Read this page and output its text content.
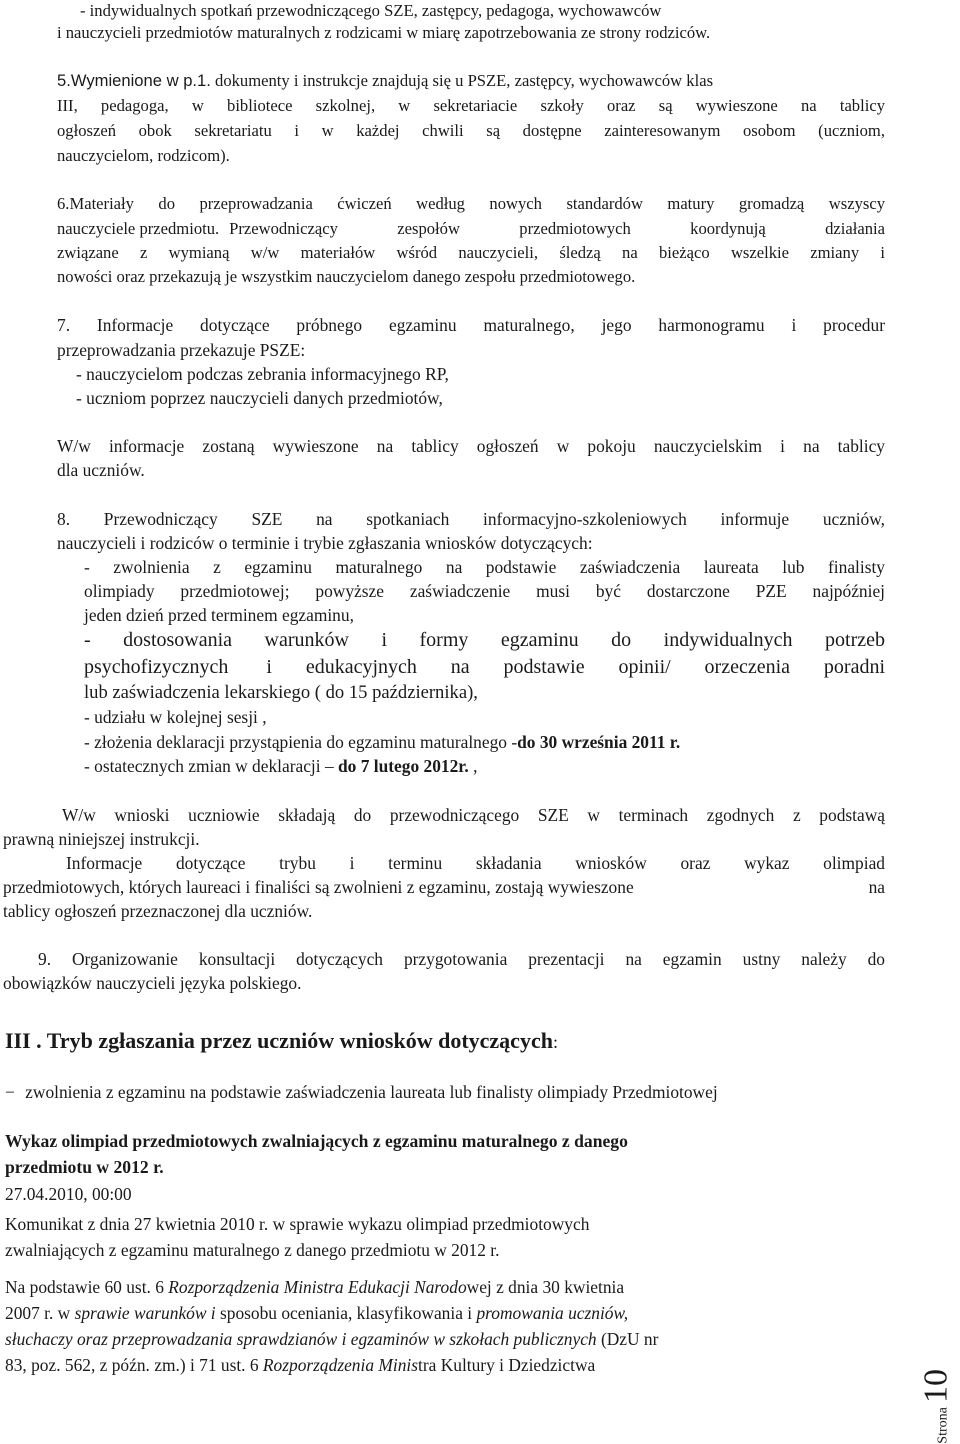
- indywidualnych spotkań przewodniczącego SZE, zastępcy, pedagoga, wychowawców
i nauczycieli przedmiotów maturalnych z rodzicami w miarę zapotrzebowania ze strony rodziców.
5.Wymienione w p.1. dokumenty i instrukcje znajdują się u PSZE, zastępcy, wychowawców klas
III, pedagoga, w bibliotece szkolnej, w sekretariacie szkoły oraz są wywieszone na tablicy
ogłoszeń obok sekretariatu i w każdej chwili są dostępne zainteresowanym osobom (uczniom,
nauczycielom, rodzicom).
6.Materiały do przeprowadzania ćwiczeń według nowych standardów matury gromadzą wszyscy
nauczyciele przedmiotu. Przewodniczący zespołów przedmiotowych koordynują działania
związane z wymianą w/w materiałów wśród nauczycieli, śledzą na bieżąco wszelkie zmiany i
nowości oraz przekazują je wszystkim nauczycielom danego zespołu przedmiotowego.
7. Informacje dotyczące próbnego egzaminu maturalnego, jego harmonogramu i procedur
przeprowadzania przekazuje PSZE:
- nauczycielom podczas zebrania informacyjnego RP,
- uczniom poprzez nauczycieli danych przedmiotów,
W/w informacje zostaną wywieszone na tablicy ogłoszeń w pokoju nauczycielskim i na tablicy
dla uczniów.
8. Przewodniczący SZE na spotkaniach informacyjno-szkoleniowych informuje uczniów,
nauczycieli i rodziców o terminie i trybie zgłaszania wniosków dotyczących:
- zwolnienia z egzaminu maturalnego na podstawie zaświadczenia laureata lub finalisty
olimpiady przedmiotowej; powyższe zaświadczenie musi być dostarczone PZE najpóźniej
jeden dzień przed terminem egzaminu,
- dostosowania warunków i formy egzaminu do indywidualnych potrzeb
psychofizycznych i edukacyjnych na podstawie opinii/ orzeczenia poradni
lub zaświadczenia lekarskiego ( do 15 października),
- udziału w kolejnej sesji ,
- złożenia deklaracji przystąpienia do egzaminu maturalnego -do 30 września 2011 r.
- ostatecznych zmian w deklaracji – do 7 lutego 2012r. ,
W/w wnioski uczniowie składają do przewodniczącego SZE w terminach zgodnych z podstawą
prawną niniejszej instrukcji.
Informacje dotyczące trybu i terminu składania wniosków oraz wykaz olimpiad
przedmiotowych, których laureaci i finaliści są zwolnieni z egzaminu, zostają wywieszone	na
tablicy ogłoszeń przeznaczonej dla uczniów.
9. Organizowanie konsultacji dotyczących przygotowania prezentacji na egzamin ustny należy do
obowiązków nauczycieli języka polskiego.
III . Tryb zgłaszania przez uczniów wniosków dotyczących:
− zwolnienia z egzaminu na podstawie zaświadczenia laureata lub finalisty olimpiady Przedmiotowej
Wykaz olimpiad przedmiotowych zwalniających z egzaminu maturalnego z danego
przedmiotu w 2012 r.
27.04.2010, 00:00
Komunikat z dnia 27 kwietnia 2010 r. w sprawie wykazu olimpiad przedmiotowych
zwalniających z egzaminu maturalnego z danego przedmiotu w 2012 r.
Na podstawie 60 ust. 6 Rozporządzenia Ministra Edukacji Narodowej z dnia 30 kwietnia
2007 r. w sprawie warunków i sposobu oceniania, klasyfikowania i promowania uczniów,
słuchaczy oraz przeprowadzania sprawdzianów i egzaminów w szkołach publicznych (DzU nr
83, poz. 562, z późn. zm.) i 71 ust. 6 Rozporządzenia Ministra Kultury i Dziedzictwa
Strona 10
